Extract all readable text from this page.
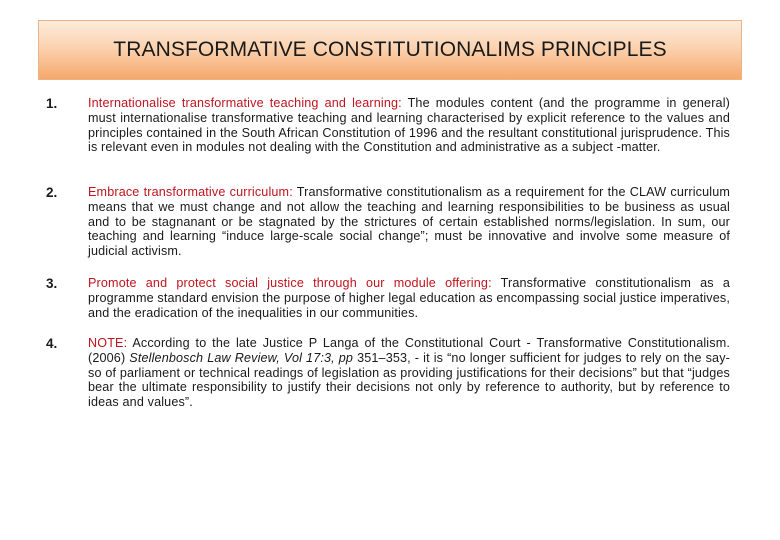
TRANSFORMATIVE CONSTITUTIONALIMS PRINCIPLES
1. Internationalise transformative teaching and learning: The modules content (and the programme in general) must internationalise transformative teaching and learning characterised by explicit reference to the values and principles contained in the South African Constitution of 1996 and the resultant constitutional jurisprudence. This is relevant even in modules not dealing with the Constitution and administrative as a subject -matter.
2. Embrace transformative curriculum: Transformative constitutionalism as a requirement for the CLAW curriculum means that we must change and not allow the teaching and learning responsibilities to be business as usual and to be stagnanant or be stagnated by the strictures of certain established norms/legislation. In sum, our teaching and learning “induce large-scale social change”; must be innovative and involve some measure of judicial activism.
3. Promote and protect social justice through our module offering: Transformative constitutionalism as a programme standard envision the purpose of higher legal education as encompassing social justice imperatives, and the eradication of the inequalities in our communities.
4. NOTE: According to the late Justice P Langa of the Constitutional Court - Transformative Constitutionalism. (2006) Stellenbosch Law Review, Vol 17:3, pp 351–353, - it is “no longer sufficient for judges to rely on the say-so of parliament or technical readings of legislation as providing justifications for their decisions” but that “judges bear the ultimate responsibility to justify their decisions not only by reference to authority, but by reference to ideas and values”.
